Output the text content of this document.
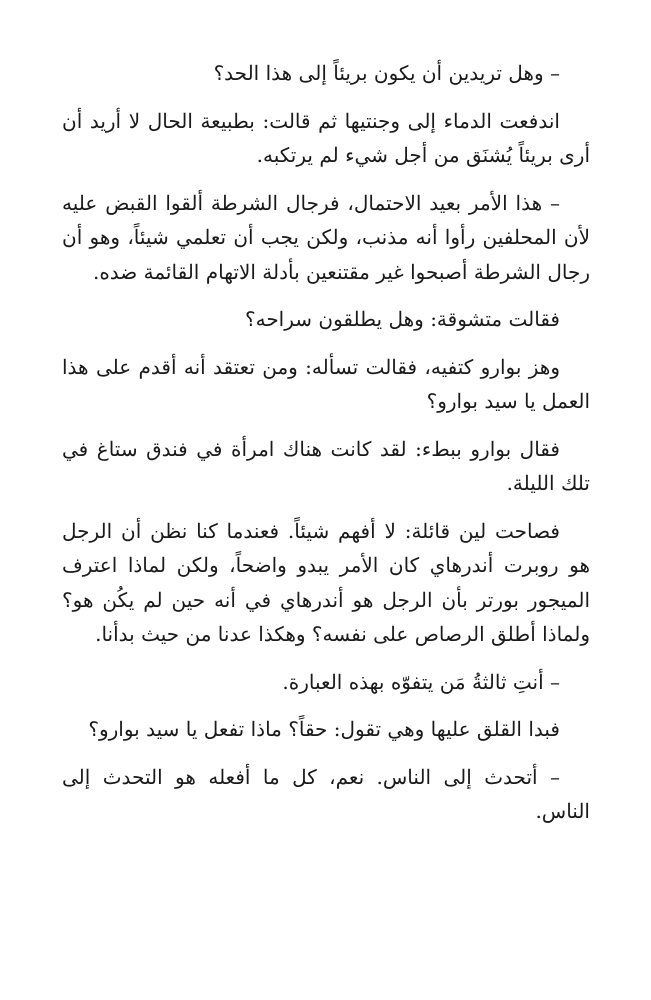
– وهل تريدين أن يكون بريئاً إلى هذا الحد؟

اندفعت الدماء إلى وجنتيها ثم قالت: بطبيعة الحال لا أريد أن أرى بريئاً يُشنَق من أجل شيء لم يرتكبه.

– هذا الأمر بعيد الاحتمال، فرجال الشرطة ألقوا القبض عليه لأن المحلفين رأوا أنه مذنب، ولكن يجب أن تعلمي شيئاً، وهو أن رجال الشرطة أصبحوا غير مقتنعين بأدلة الاتهام القائمة ضده.

فقالت متشوقة: وهل يطلقون سراحه؟

وهز بوارو كتفيه، فقالت تسأله: ومن تعتقد أنه أقدم على هذا العمل يا سيد بوارو؟

فقال بوارو ببطء: لقد كانت هناك امرأة في فندق ستاغ في تلك الليلة.

فصاحت لين قائلة: لا أفهم شيئاً. فعندما كنا نظن أن الرجل هو روبرت أندرهاي كان الأمر يبدو واضحاً، ولكن لماذا اعترف الميجور بورتر بأن الرجل هو أندرهاي في أنه حين لم يكُن هو؟ ولماذا أطلق الرصاص على نفسه؟ وهكذا عدنا من حيث بدأنا.

– أنتِ ثالثةُ مَن يتفوّه بهذه العبارة.

فبدا القلق عليها وهي تقول: حقاً؟ ماذا تفعل يا سيد بوارو؟

– أتحدث إلى الناس. نعم، كل ما أفعله هو التحدث إلى الناس.
